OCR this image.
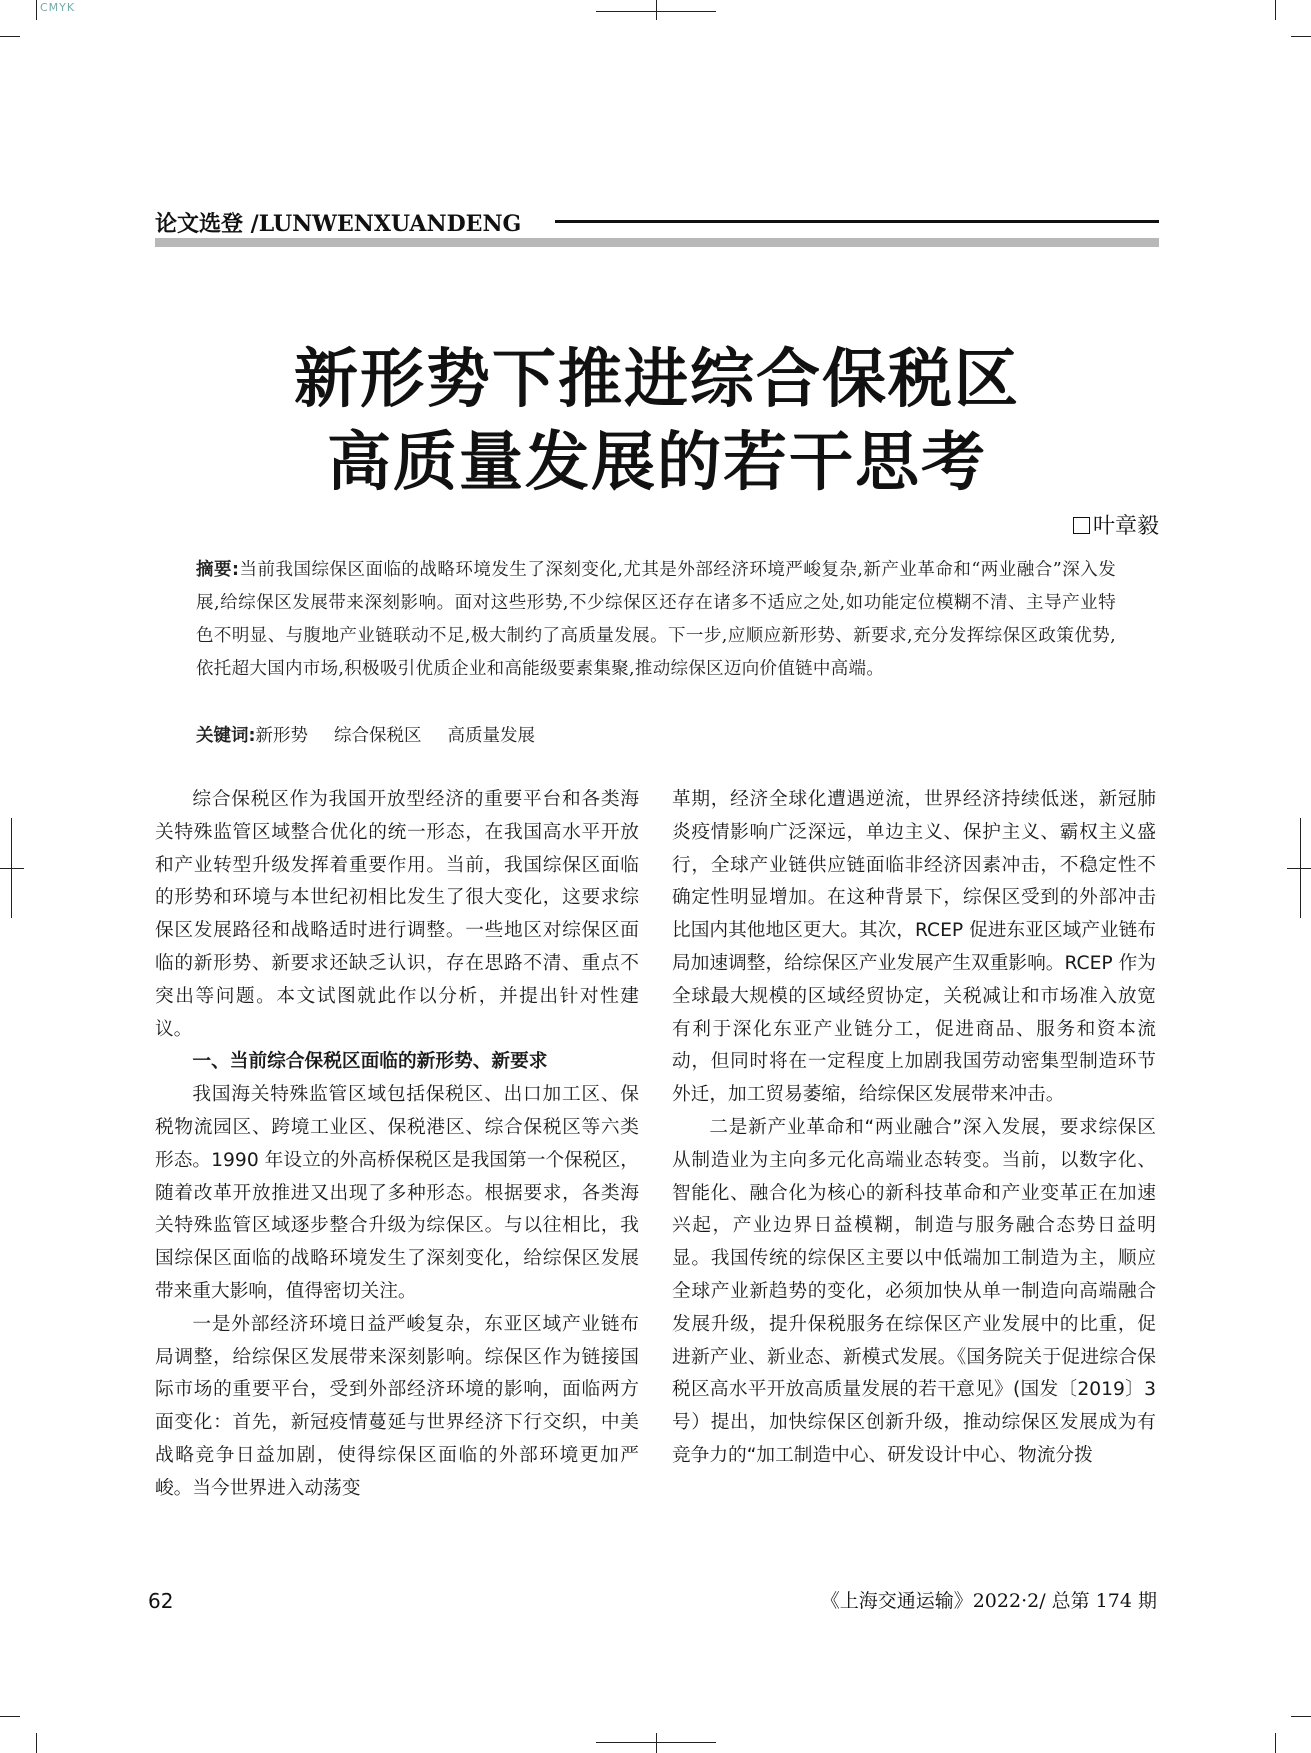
CMYK
论文选登 /LUNWENXUANDENG
新形势下推进综合保税区
高质量发展的若干思考
叶章毅
摘要:当前我国综保区面临的战略环境发生了深刻变化,尤其是外部经济环境严峻复杂,新产业革命和“两业融合”深入发展,给综保区发展带来深刻影响。面对这些形势,不少综保区还存在诸多不适应之处,如功能定位模糊不清、主导产业特色不明显、与腹地产业链联动不足,极大制约了高质量发展。下一步,应顺应新形势、新要求,充分发挥综保区政策优势,依托超大国内市场,积极吸引优质企业和高能级要素集聚,推动综保区迈向价值链中高端。
关键词:新形势 综合保税区 高质量发展

综合保税区作为我国开放型经济的重要平台和各类海关特殊监管区域整合优化的统一形态，在我国高水平开放和产业转型升级发挥着重要作用。当前，我国综保区面临的形势和环境与本世纪初相比发生了很大变化，这要求综保区发展路径和战略适时进行调整。一些地区对综保区面临的新形势、新要求还缺乏认识，存在思路不清、重点不突出等问题。本文试图就此作以分析，并提出针对性建议。

一、当前综合保税区面临的新形势、新要求

我国海关特殊监管区域包括保税区、出口加工区、保税物流园区、跨境工业区、保税港区、综合保税区等六类形态。1990 年设立的外高桥保税区是我国第一个保税区，随着改革开放推进又出现了多种形态。根据要求，各类海关特殊监管区域逐步整合升级为综保区。与以往相比，我国综保区面临的战略环境发生了深刻变化，给综保区发展带来重大影响，值得密切关注。

一是外部经济环境日益严峻复杂，东亚区域产业链布局调整，给综保区发展带来深刻影响。综保区作为链接国际市场的重要平台，受到外部经济环境的影响，面临两方面变化：首先，新冠疫情蔓延与世界经济下行交织，中美战略竞争日益加剧，使得综保区面临的外部环境更加严峻。当今世界进入动荡变

革期，经济全球化遭遇逆流，世界经济持续低迷，新冠肺炎疫情影响广泛深远，单边主义、保护主义、霸权主义盛行，全球产业链供应链面临非经济因素冲击，不稳定性不确定性明显增加。在这种背景下，综保区受到的外部冲击比国内其他地区更大。其次，RCEP 促进东亚区域产业链布局加速调整，给综保区产业发展产生双重影响。RCEP 作为全球最大规模的区域经贸协定，关税减让和市场准入放宽有利于深化东亚产业链分工，促进商品、服务和资本流动，但同时将在一定程度上加剧我国劳动密集型制造环节外迁，加工贸易萎缩，给综保区发展带来冲击。

二是新产业革命和“两业融合”深入发展，要求综保区从制造业为主向多元化高端业态转变。当前，以数字化、智能化、融合化为核心的新科技革命和产业变革正在加速兴起，产业边界日益模糊，制造与服务融合态势日益明显。我国传统的综保区主要以中低端加工制造为主，顺应全球产业新趋势的变化，必须加快从单一制造向高端融合发展升级，提升保税服务在综保区产业发展中的比重，促进新产业、新业态、新模式发展。《国务院关于促进综合保税区高水平开放高质量发展的若干意见》(国发〔2019〕3 号）提出，加快综保区创新升级，推动综保区发展成为有竞争力的“加工制造中心、研发设计中心、物流分拨

62	《上海交通运输》2022·2/ 总第 174 期
